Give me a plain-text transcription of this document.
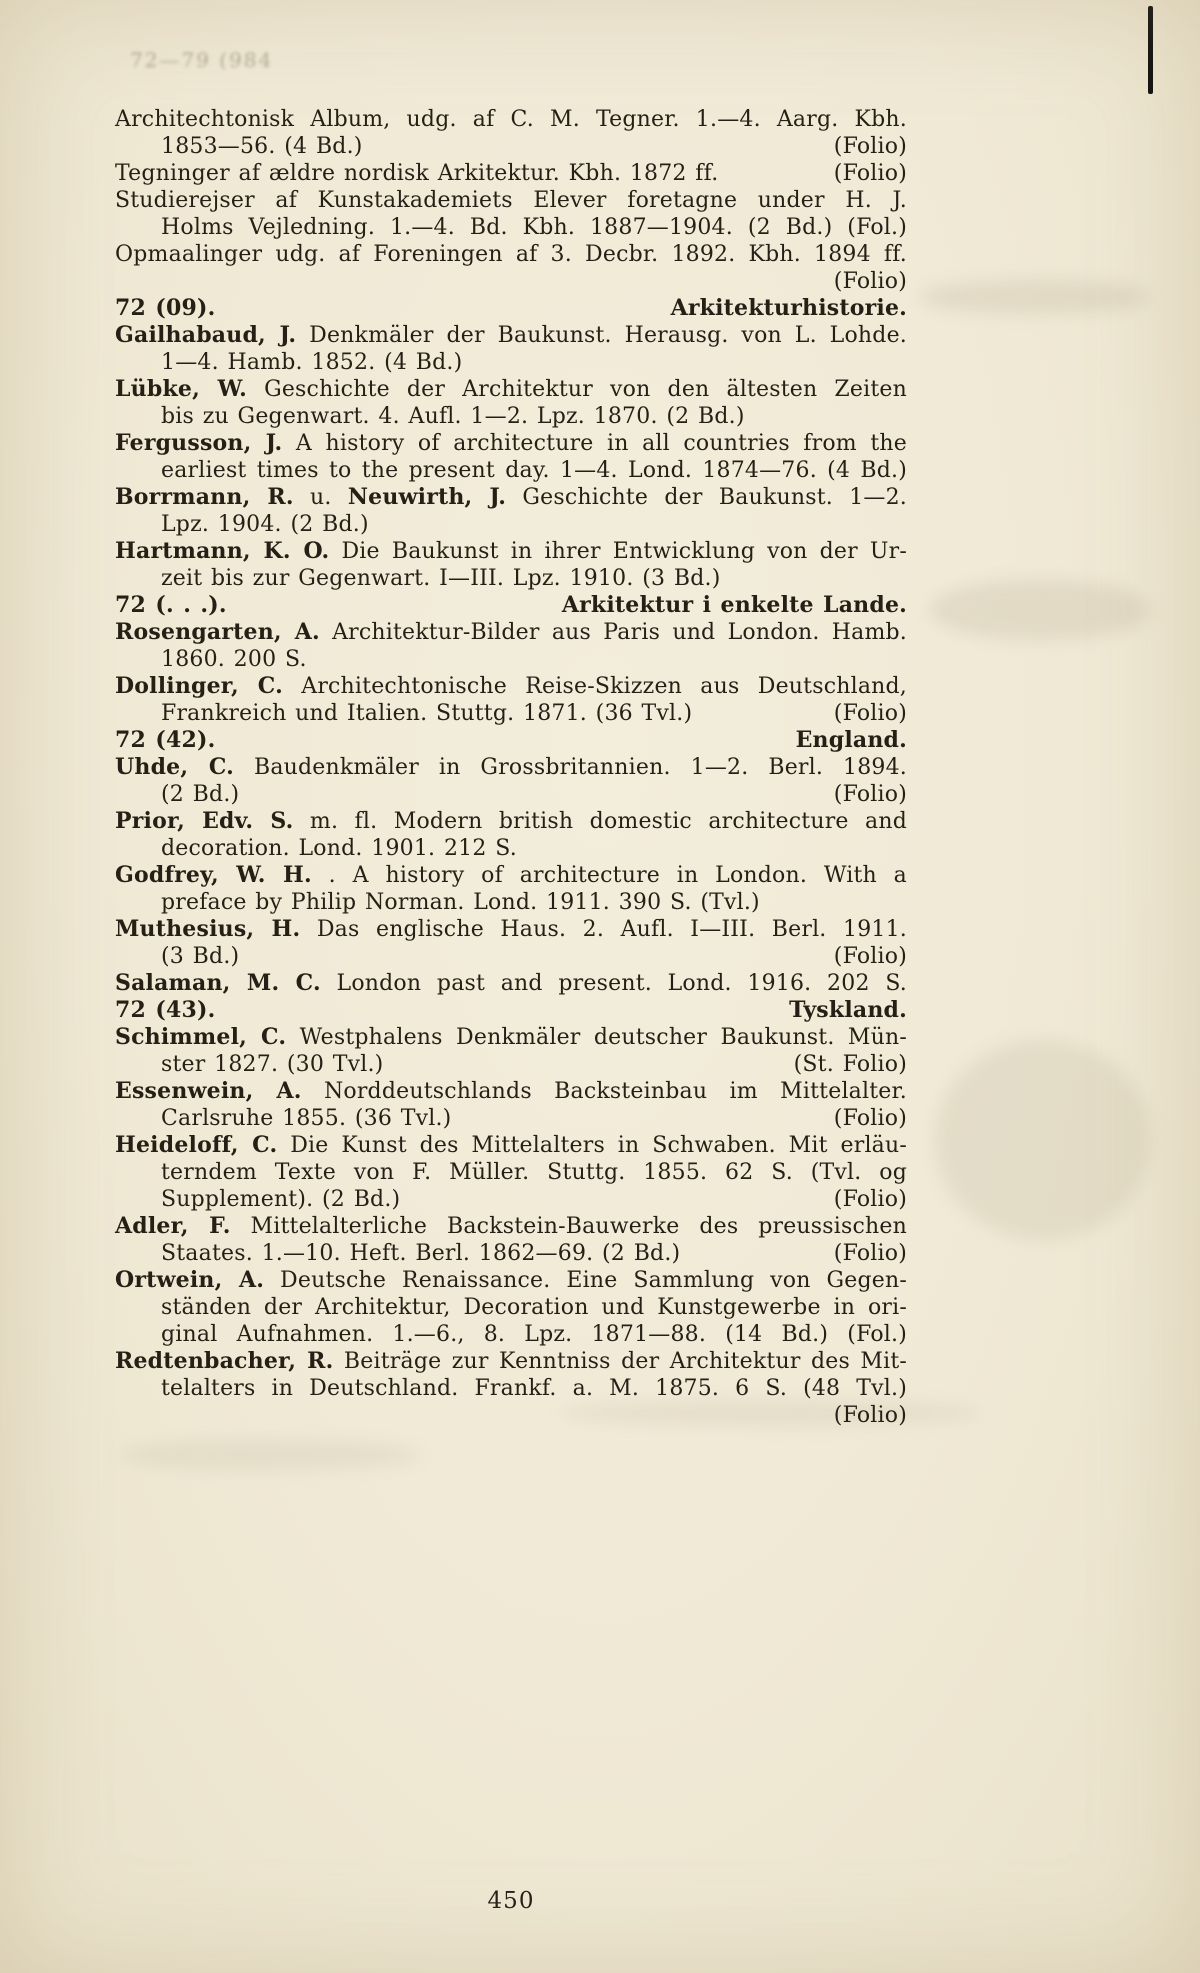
72—79 (984
Architechtonisk Album, udg. af C. M. Tegner. 1.—4. Aarg. Kbh.
1853—56. (4 Bd.)	(Folio)
Tegninger af ældre nordisk Arkitektur. Kbh. 1872 ff.	(Folio)
Studierejser af Kunstakademiets Elever foretagne under H. J.
Holms Vejledning. 1.—4. Bd. Kbh. 1887—1904. (2 Bd.) (Fol.)
Opmaalinger udg. af Foreningen af 3. Decbr. 1892. Kbh. 1894 ff.
(Folio)
72 (09).	Arkitekturhistorie.
Gailhabaud, J. Denkmäler der Baukunst. Herausg. von L. Lohde.
1—4. Hamb. 1852. (4 Bd.)
Lübke, W. Geschichte der Architektur von den ältesten Zeiten
bis zu Gegenwart. 4. Aufl. 1—2. Lpz. 1870. (2 Bd.)
Fergusson, J. A history of architecture in all countries from the
earliest times to the present day. 1—4. Lond. 1874—76. (4 Bd.)
Borrmann, R. u. Neuwirth, J. Geschichte der Baukunst. 1—2.
Lpz. 1904. (2 Bd.)
Hartmann, K. O. Die Baukunst in ihrer Entwicklung von der Ur-
zeit bis zur Gegenwart. I—III. Lpz. 1910. (3 Bd.)
72 (. . .).	Arkitektur i enkelte Lande.
Rosengarten, A. Architektur-Bilder aus Paris und London. Hamb.
1860. 200 S.
Dollinger, C. Architechtonische Reise-Skizzen aus Deutschland,
Frankreich und Italien. Stuttg. 1871. (36 Tvl.)	(Folio)
72 (42).	England.
Uhde, C. Baudenkmäler in Grossbritannien. 1—2. Berl. 1894.
(2 Bd.)	(Folio)
Prior, Edv. S. m. fl. Modern british domestic architecture and
decoration. Lond. 1901. 212 S.
Godfrey, W. H. . A history of architecture in London. With a
preface by Philip Norman. Lond. 1911. 390 S. (Tvl.)
Muthesius, H. Das englische Haus. 2. Aufl. I—III. Berl. 1911.
(3 Bd.)	(Folio)
Salaman, M. C. London past and present. Lond. 1916. 202 S.
72 (43).	Tyskland.
Schimmel, C. Westphalens Denkmäler deutscher Baukunst. Mün-
ster 1827. (30 Tvl.)	(St. Folio)
Essenwein, A. Norddeutschlands Backsteinbau im Mittelalter.
Carlsruhe 1855. (36 Tvl.)	(Folio)
Heideloff, C. Die Kunst des Mittelalters in Schwaben. Mit erläu-
terndem Texte von F. Müller. Stuttg. 1855. 62 S. (Tvl. og
Supplement). (2 Bd.)	(Folio)
Adler, F. Mittelalterliche Backstein-Bauwerke des preussischen
Staates. 1.—10. Heft. Berl. 1862—69. (2 Bd.)	(Folio)
Ortwein, A. Deutsche Renaissance. Eine Sammlung von Gegen-
ständen der Architektur, Decoration und Kunstgewerbe in ori-
ginal Aufnahmen. 1.—6., 8. Lpz. 1871—88. (14 Bd.) (Fol.)
Redtenbacher, R. Beiträge zur Kenntniss der Architektur des Mit-
telalters in Deutschland. Frankf. a. M. 1875. 6 S. (48 Tvl.)
(Folio)
450
